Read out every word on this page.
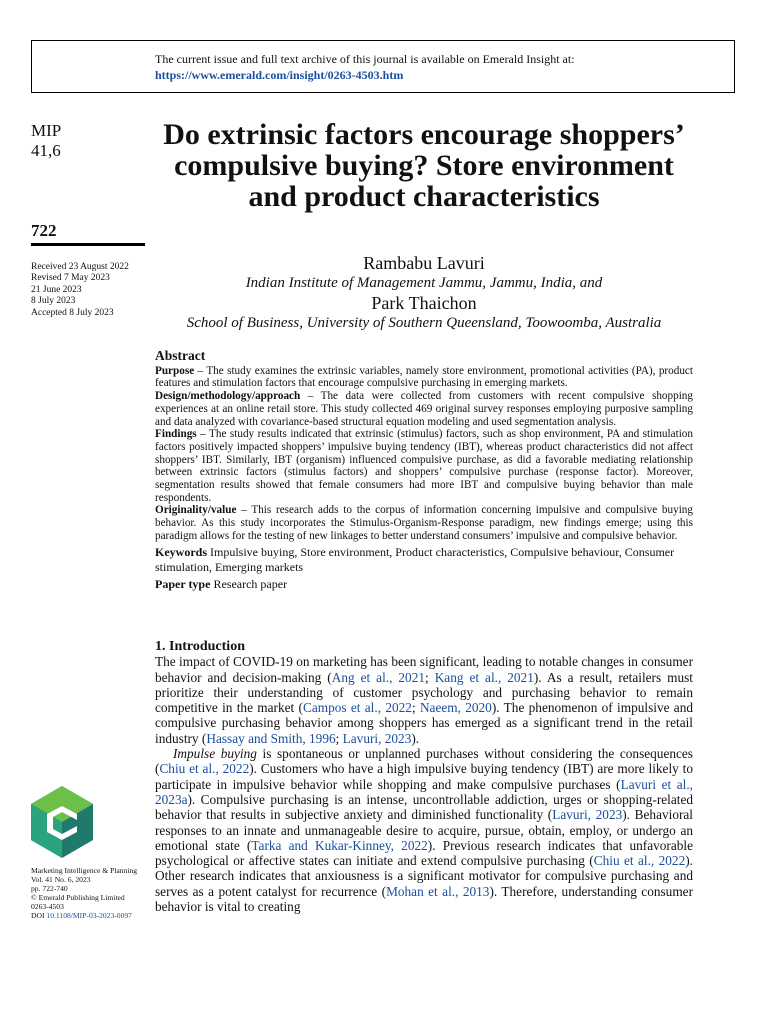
The current issue and full text archive of this journal is available on Emerald Insight at:
https://www.emerald.com/insight/0263-4503.htm
MIP
41,6
722
Received 23 August 2022
Revised 7 May 2023
21 June 2023
8 July 2023
Accepted 8 July 2023
Do extrinsic factors encourage shoppers’ compulsive buying? Store environment and product characteristics
Rambabu Lavuri
Indian Institute of Management Jammu, Jammu, India, and
Park Thaichon
School of Business, University of Southern Queensland, Toowoomba, Australia
Abstract

Purpose – The study examines the extrinsic variables, namely store environment, promotional activities (PA), product features and stimulation factors that encourage compulsive purchasing in emerging markets.

Design/methodology/approach – The data were collected from customers with recent compulsive shopping experiences at an online retail store. This study collected 469 original survey responses employing purposive sampling and data analyzed with covariance-based structural equation modeling and used segmentation analysis.

Findings – The study results indicated that extrinsic (stimulus) factors, such as shop environment, PA and stimulation factors positively impacted shoppers’ impulsive buying tendency (IBT), whereas product characteristics did not affect shoppers’ IBT. Similarly, IBT (organism) influenced compulsive purchase, as did a favorable mediating relationship between extrinsic factors (stimulus factors) and shoppers’ compulsive purchase (response factor). Moreover, segmentation results showed that female consumers had more IBT and compulsive buying behavior than male respondents.

Originality/value – This research adds to the corpus of information concerning impulsive and compulsive buying behavior. As this study incorporates the Stimulus-Organism-Response paradigm, new findings emerge; using this paradigm allows for the testing of new linkages to better understand consumers’ impulsive and compulsive behavior.

Keywords Impulsive buying, Store environment, Product characteristics, Compulsive behaviour, Consumer stimulation, Emerging markets

Paper type Research paper

1. Introduction

The impact of COVID-19 on marketing has been significant, leading to notable changes in consumer behavior and decision-making (Ang et al., 2021; Kang et al., 2021). As a result, retailers must prioritize their understanding of customer psychology and purchasing behavior to remain competitive in the market (Campos et al., 2022; Naeem, 2020). The phenomenon of impulsive and compulsive purchasing behavior among shoppers has emerged as a significant trend in the retail industry (Hassay and Smith, 1996; Lavuri, 2023).

Impulse buying is spontaneous or unplanned purchases without considering the consequences (Chiu et al., 2022). Customers who have a high impulsive buying tendency (IBT) are more likely to participate in impulsive behavior while shopping and make compulsive purchases (Lavuri et al., 2023a). Compulsive purchasing is an intense, uncontrollable addiction, urges or shopping-related behavior that results in subjective anxiety and diminished functionality (Lavuri, 2023). Behavioral responses to an innate and unmanageable desire to acquire, pursue, obtain, employ, or undergo an emotional state (Tarka and Kukar-Kinney, 2022). Previous research indicates that unfavorable psychological or affective states can initiate and extend compulsive purchasing (Chiu et al., 2022). Other research indicates that anxiousness is a significant motivator for compulsive purchasing and serves as a potent catalyst for recurrence (Mohan et al., 2013). Therefore, understanding consumer behavior is vital to creating

Marketing Intelligence & Planning
Vol. 41 No. 6, 2023
pp. 722-740
© Emerald Publishing Limited
0263-4503
DOI 10.1108/MIP-03-2023-0097
